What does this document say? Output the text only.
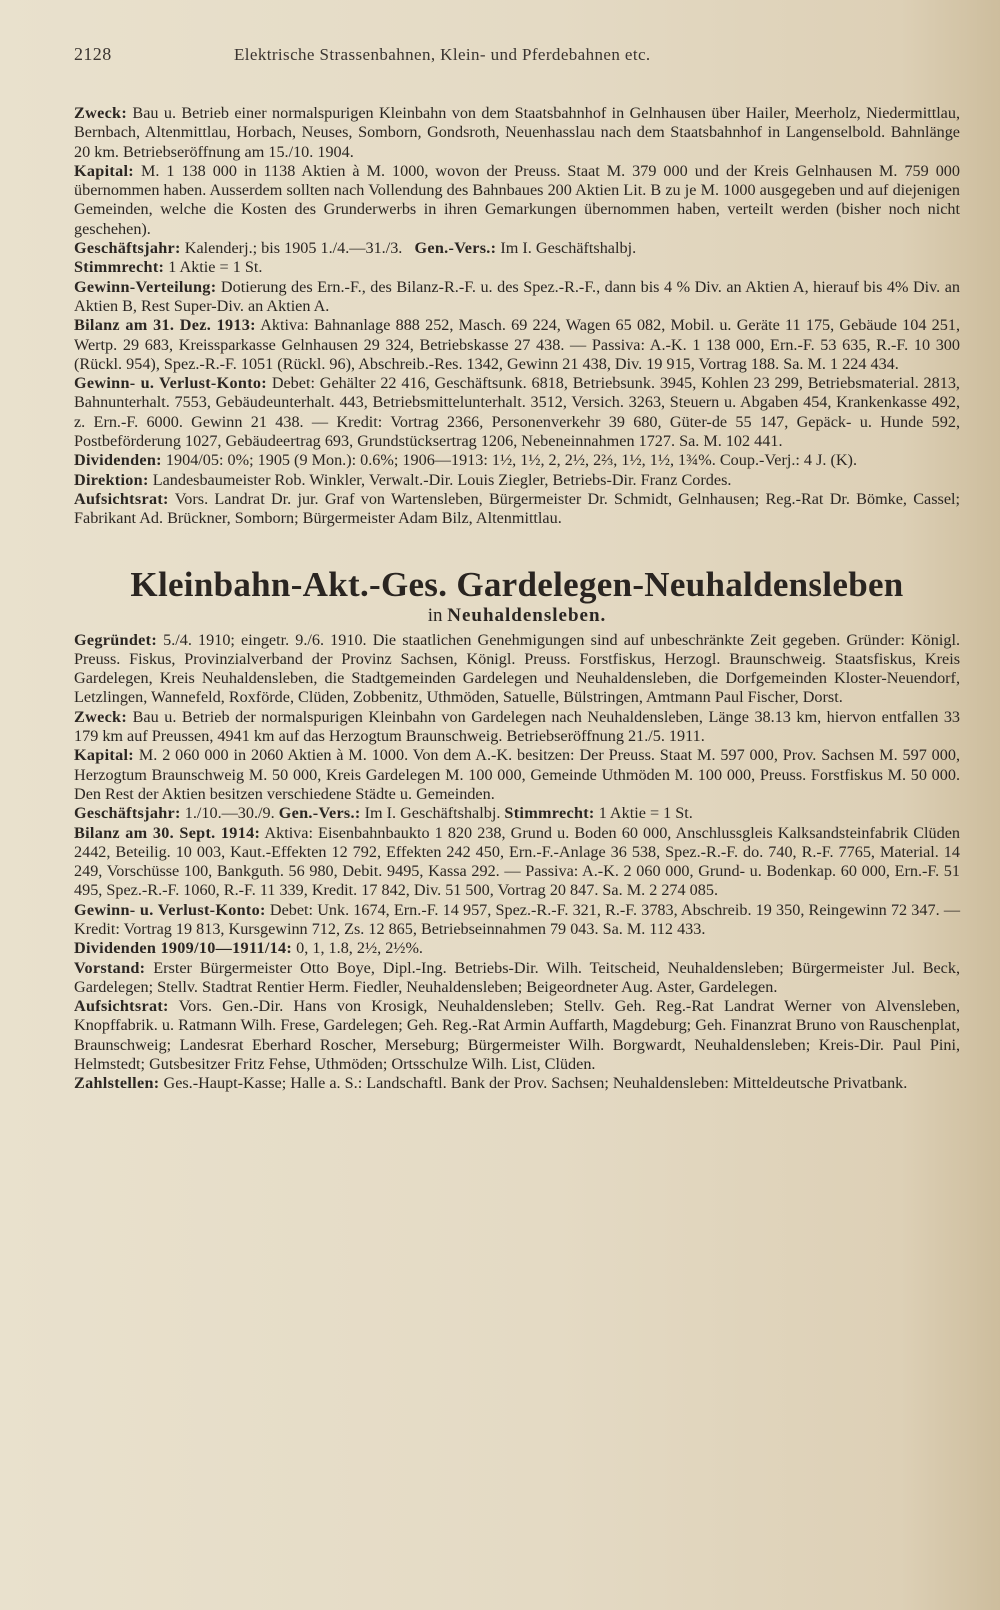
2128	Elektrische Strassenbahnen, Klein- und Pferdebahnen etc.

Zweck: Bau u. Betrieb einer normalspurigen Kleinbahn von dem Staatsbahnhof in Gelnhausen über Hailer, Meerholz, Niedermittlau, Bernbach, Altenmittlau, Horbach, Neuses, Somborn, Gondsroth, Neuenhasslau nach dem Staatsbahnhof in Langenselbold. Bahnlänge 20 km. Betriebseröffnung am 15./10. 1904.

Kapital: M. 1 138 000 in 1138 Aktien à M. 1000, wovon der Preuss. Staat M. 379 000 und der Kreis Gelnhausen M. 759 000 übernommen haben. Ausserdem sollten nach Vollendung des Bahnbaues 200 Aktien Lit. B zu je M. 1000 ausgegeben und auf diejenigen Gemeinden, welche die Kosten des Grunderwerbs in ihren Gemarkungen übernommen haben, verteilt werden (bisher noch nicht geschehen).

Geschäftsjahr: Kalenderj.; bis 1905 1./4.—31./3. Gen.-Vers.: Im I. Geschäftshalbj.

Stimmrecht: 1 Aktie = 1 St.

Gewinn-Verteilung: Dotierung des Ern.-F., des Bilanz-R.-F. u. des Spez.-R.-F., dann bis 4 % Div. an Aktien A, hierauf bis 4% Div. an Aktien B, Rest Super-Div. an Aktien A.

Bilanz am 31. Dez. 1913: Aktiva: Bahnanlage 888 252, Masch. 69 224, Wagen 65 082, Mobil. u. Geräte 11 175, Gebäude 104 251, Wertp. 29 683, Kreissparkasse Gelnhausen 29 324, Betriebskasse 27 438. — Passiva: A.-K. 1 138 000, Ern.-F. 53 635, R.-F. 10 300 (Rückl. 954), Spez.-R.-F. 1051 (Rückl. 96), Abschreib.-Res. 1342, Gewinn 21 438, Div. 19 915, Vortrag 188. Sa. M. 1 224 434.

Gewinn- u. Verlust-Konto: Debet: Gehälter 22 416, Geschäftsunk. 6818, Betriebsunk. 3945, Kohlen 23 299, Betriebsmaterial. 2813, Bahnunterhalt. 7553, Gebäudeunterhalt. 443, Betriebsmittelunterhalt. 3512, Versich. 3263, Steuern u. Abgaben 454, Krankenkasse 492, z. Ern.-F. 6000. Gewinn 21 438. — Kredit: Vortrag 2366, Personenverkehr 39 680, Güter-de 55 147, Gepäck- u. Hunde 592, Postbeförderung 1027, Gebäudeertrag 693, Grundstücksertrag 1206, Nebeneinnahmen 1727. Sa. M. 102 441.

Dividenden: 1904/05: 0%; 1905 (9 Mon.): 0.6%; 1906—1913: 1½, 1½, 2, 2½, 2⅔, 1½, 1½, 1¾%. Coup.-Verj.: 4 J. (K).

Direktion: Landesbaumeister Rob. Winkler, Verwalt.-Dir. Louis Ziegler, Betriebs-Dir. Franz Cordes.

Aufsichtsrat: Vors. Landrat Dr. jur. Graf von Wartensleben, Bürgermeister Dr. Schmidt, Gelnhausen; Reg.-Rat Dr. Bömke, Cassel; Fabrikant Ad. Brückner, Somborn; Bürgermeister Adam Bilz, Altenmittlau.

Kleinbahn-Akt.-Ges. Gardelegen-Neuhaldensleben
in Neuhaldensleben.

Gegründet: 5./4. 1910; eingetr. 9./6. 1910. Die staatlichen Genehmigungen sind auf unbeschränkte Zeit gegeben. Gründer: Königl. Preuss. Fiskus, Provinzialverband der Provinz Sachsen, Königl. Preuss. Forstfiskus, Herzogl. Braunschweig. Staatsfiskus, Kreis Gardelegen, Kreis Neuhaldensleben, die Stadtgemeinden Gardelegen und Neuhaldensleben, die Dorfgemeinden Kloster-Neuendorf, Letzlingen, Wannefeld, Roxförde, Clüden, Zobbenitz, Uthmöden, Satuelle, Bülstringen, Amtmann Paul Fischer, Dorst.

Zweck: Bau u. Betrieb der normalspurigen Kleinbahn von Gardelegen nach Neuhaldensleben, Länge 38.13 km, hiervon entfallen 33 179 km auf Preussen, 4941 km auf das Herzogtum Braunschweig. Betriebseröffnung 21./5. 1911.

Kapital: M. 2 060 000 in 2060 Aktien à M. 1000. Von dem A.-K. besitzen: Der Preuss. Staat M. 597 000, Prov. Sachsen M. 597 000, Herzogtum Braunschweig M. 50 000, Kreis Gardelegen M. 100 000, Gemeinde Uthmöden M. 100 000, Preuss. Forstfiskus M. 50 000. Den Rest der Aktien besitzen verschiedene Städte u. Gemeinden.

Geschäftsjahr: 1./10.—30./9. Gen.-Vers.: Im I. Geschäftshalbj. Stimmrecht: 1 Aktie = 1 St.

Bilanz am 30. Sept. 1914: Aktiva: Eisenbahnbaukto 1 820 238, Grund u. Boden 60 000, Anschlussgleis Kalksandsteinfabrik Clüden 2442, Beteilig. 10 003, Kaut.-Effekten 12 792, Effekten 242 450, Ern.-F.-Anlage 36 538, Spez.-R.-F. do. 740, R.-F. 7765, Material. 14 249, Vorschüsse 100, Bankguth. 56 980, Debit. 9495, Kassa 292. — Passiva: A.-K. 2 060 000, Grund- u. Bodenkap. 60 000, Ern.-F. 51 495, Spez.-R.-F. 1060, R.-F. 11 339, Kredit. 17 842, Div. 51 500, Vortrag 20 847. Sa. M. 2 274 085.

Gewinn- u. Verlust-Konto: Debet: Unk. 1674, Ern.-F. 14 957, Spez.-R.-F. 321, R.-F. 3783, Abschreib. 19 350, Reingewinn 72 347. — Kredit: Vortrag 19 813, Kursgewinn 712, Zs. 12 865, Betriebseinnahmen 79 043. Sa. M. 112 433.

Dividenden 1909/10—1911/14: 0, 1, 1.8, 2½, 2½%.

Vorstand: Erster Bürgermeister Otto Boye, Dipl.-Ing. Betriebs-Dir. Wilh. Teitscheid, Neuhaldensleben; Bürgermeister Jul. Beck, Gardelegen; Stellv. Stadtrat Rentier Herm. Fiedler, Neuhaldensleben; Beigeordneter Aug. Aster, Gardelegen.

Aufsichtsrat: Vors. Gen.-Dir. Hans von Krosigk, Neuhaldensleben; Stellv. Geh. Reg.-Rat Landrat Werner von Alvensleben, Knopffabrik. u. Ratmann Wilh. Frese, Gardelegen; Geh. Reg.-Rat Armin Auffarth, Magdeburg; Geh. Finanzrat Bruno von Rauschenplat, Braunschweig; Landesrat Eberhard Roscher, Merseburg; Bürgermeister Wilh. Borgwardt, Neuhaldensleben; Kreis-Dir. Paul Pini, Helmstedt; Gutsbesitzer Fritz Fehse, Uthmöden; Ortsschulze Wilh. List, Clüden.

Zahlstellen: Ges.-Haupt-Kasse; Halle a. S.: Landschaftl. Bank der Prov. Sachsen; Neuhaldensleben: Mitteldeutsche Privatbank.
